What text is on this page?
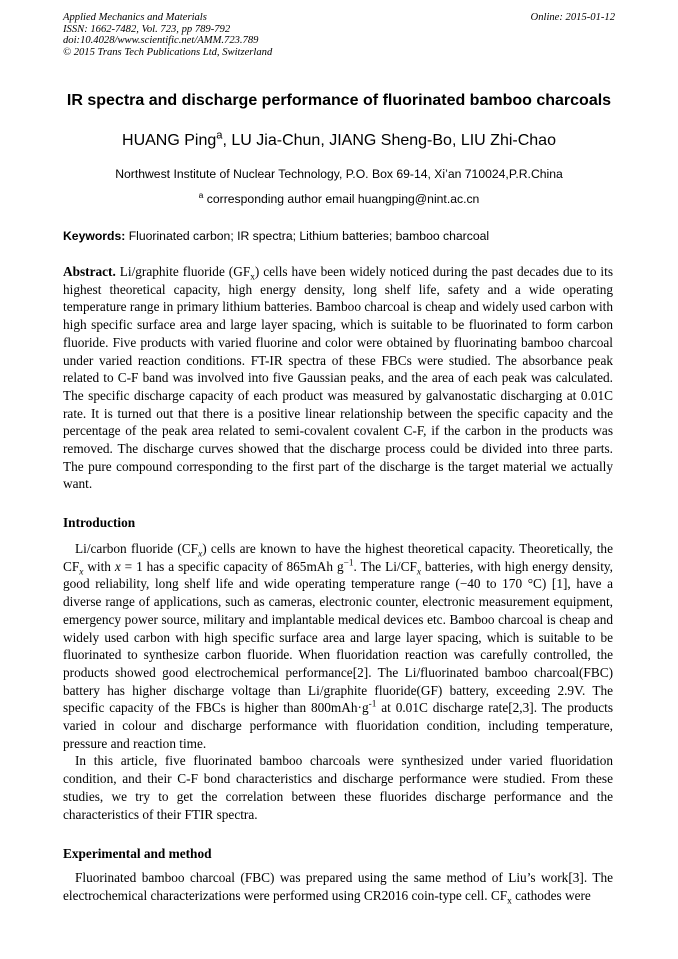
Applied Mechanics and Materials
ISSN: 1662-7482, Vol. 723, pp 789-792
doi:10.4028/www.scientific.net/AMM.723.789
© 2015 Trans Tech Publications Ltd, Switzerland
Online: 2015-01-12
IR spectra and discharge performance of fluorinated bamboo charcoals
HUANG Ping$^a$, LU Jia-Chun, JIANG Sheng-Bo, LIU Zhi-Chao
Northwest Institute of Nuclear Technology, P.O. Box 69-14, Xi’an 710024,P.R.China
$^a$ corresponding author email huangping@nint.ac.cn
Keywords: Fluorinated carbon; IR spectra; Lithium batteries; bamboo charcoal
Abstract. Li/graphite fluoride $(GF_x)$ cells have been widely noticed during the past decades due to its highest theoretical capacity, high energy density, long shelf life, safety and a wide operating temperature range in primary lithium batteries. Bamboo charcoal is cheap and widely used carbon with high specific surface area and large layer spacing, which is suitable to be fluorinated to form carbon fluoride. Five products with varied fluorine and color were obtained by fluorinating bamboo charcoal under varied reaction conditions. FT-IR spectra of these FBCs were studied. The absorbance peak related to C-F band was involved into five Gaussian peaks, and the area of each peak was calculated. The specific discharge capacity of each product was measured by galvanostatic discharging at 0.01C rate. It is turned out that there is a positive linear relationship between the specific capacity and the percentage of the peak area related to semi-covalent covalent C-F, if the carbon in the products was removed. The discharge curves showed that the discharge process could be divided into three parts. The pure compound corresponding to the first part of the discharge is the target material we actually want.
Introduction

Li/carbon fluoride $(CF_x)$ cells are known to have the highest theoretical capacity. Theoretically, the $CF_x$ with x = 1 has a specific capacity of 865mAh $g^{-1}$. The $Li/CF_x$ batteries, with high energy density, good reliability, long shelf life and wide operating temperature range (−40 to 170 °C) [1], have a diverse range of applications, such as cameras, electronic counter, electronic measurement equipment, emergency power source, military and implantable medical devices etc. Bamboo charcoal is cheap and widely used carbon with high specific surface area and large layer spacing, which is suitable to be fluorinated to synthesize carbon fluoride. When fluoridation reaction was carefully controlled, the products showed good electrochemical performance[2]. The Li/fluorinated bamboo charcoal(FBC) battery has higher discharge voltage than Li/graphite fluoride(GF) battery, exceeding 2.9V. The specific capacity of the FBCs is higher than $800mAh\cdot g^{-1}$ at 0.01C discharge rate[2,3]. The products varied in colour and discharge performance with fluoridation condition, including temperature, pressure and reaction time.

In this article, five fluorinated bamboo charcoals were synthesized under varied fluoridation condition, and their C-F bond characteristics and discharge performance were studied. From these studies, we try to get the correlation between these fluorides discharge performance and the characteristics of their FTIR spectra.

Experimental and method

Fluorinated bamboo charcoal (FBC) was prepared using the same method of Liu’s work[3]. The electrochemical characterizations were performed using CR2016 coin-type cell. $CF_x$ cathodes were
